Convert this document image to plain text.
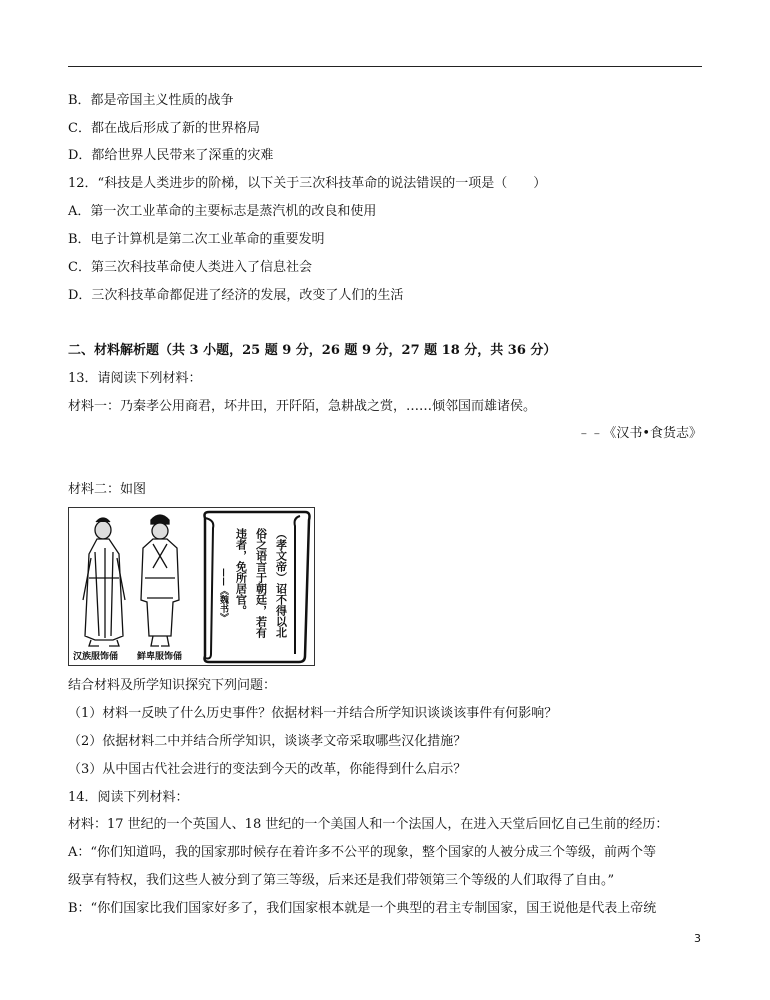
B．都是帝国主义性质的战争
C．都在战后形成了新的世界格局
D．都给世界人民带来了深重的灾难
12．“科技是人类进步的阶梯，以下关于三次科技革命的说法错误的一项是（　　）
A．第一次工业革命的主要标志是蒸汽机的改良和使用
B．电子计算机是第二次工业革命的重要发明
C．第三次科技革命使人类进入了信息社会
D．三次科技革命都促进了经济的发展，改变了人们的生活
二、材料解析题（共 3 小题，25 题 9 分，26 题 9 分，27 题 18 分，共 36 分）
13．请阅读下列材料：
材料一：乃秦孝公用商君，坏井田，开阡陌，急耕战之赏，……倾邻国而雄诸侯。
﹣﹣《汉书•食货志》
材料二：如图
汉族服饰俑 鲜卑服饰俑
（孝文帝）诏不得以北
俗之语言于朝廷，若有
违者，免所居官。
——《魏书》
结合材料及所学知识探究下列问题：
（1）材料一反映了什么历史事件？依据材料一并结合所学知识谈谈该事件有何影响？
（2）依据材料二中并结合所学知识，谈谈孝文帝采取哪些汉化措施？
（3）从中国古代社会进行的变法到今天的改革，你能得到什么启示？
14．阅读下列材料：
材料：17 世纪的一个英国人、18 世纪的一个美国人和一个法国人，在进入天堂后回忆自己生前的经历：
A：“你们知道吗，我的国家那时候存在着许多不公平的现象，整个国家的人被分成三个等级，前两个等
级享有特权，我们这些人被分到了第三等级，后来还是我们带领第三个等级的人们取得了自由。”
B：“你们国家比我们国家好多了，我们国家根本就是一个典型的君主专制国家，国王说他是代表上帝统
3
